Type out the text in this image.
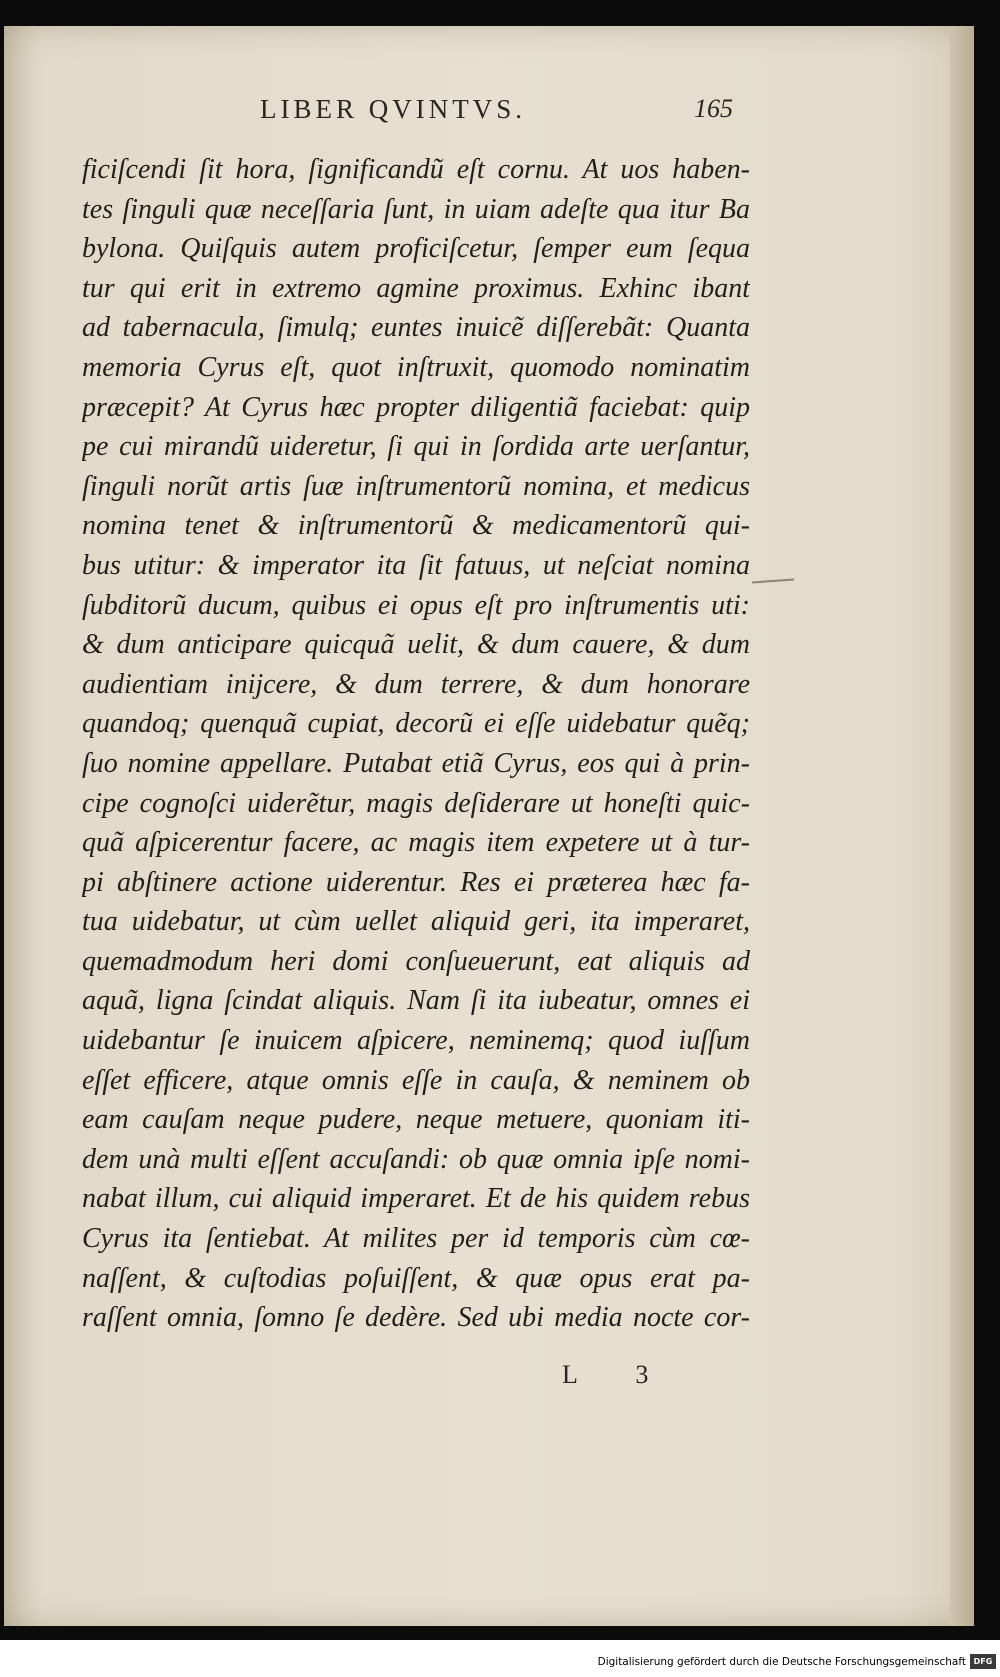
LIBER QVINTVS.	165
ficiſcendi ſit hora, ſignificandũ eſt cornu. At uos haben-
tes ſinguli quæ neceſſaria ſunt, in uiam adeſte qua itur Ba
bylona. Quiſquis autem proficiſcetur, ſemper eum ſequa
tur qui erit in extremo agmine proximus. Exhinc ibant
ad tabernacula, ſimulq; euntes inuicẽ diſſerebãt: Quanta
memoria Cyrus eſt, quot inſtruxit, quomodo nominatim
præcepit? At Cyrus hæc propter diligentiã faciebat: quip
pe cui mirandũ uideretur, ſi qui in ſordida arte uerſantur,
ſinguli norũt artis ſuæ inſtrumentorũ nomina, et medicus
nomina tenet & inſtrumentorũ & medicamentorũ qui-
bus utitur: & imperator ita ſit fatuus, ut neſciat nomina
ſubditorũ ducum, quibus ei opus eſt pro inſtrumentis uti:
& dum anticipare quicquã uelit, & dum cauere, & dum
audientiam inijcere, & dum terrere, & dum honorare
quandoq; quenquã cupiat, decorũ ei eſſe uidebatur quẽq;
ſuo nomine appellare. Putabat etiã Cyrus, eos qui à prin-
cipe cognoſci uiderẽtur, magis deſiderare ut honeſti quic-
quã aſpicerentur facere, ac magis item expetere ut à tur-
pi abſtinere actione uiderentur. Res ei præterea hæc fa-
tua uidebatur, ut cùm uellet aliquid geri, ita imperaret,
quemadmodum heri domi conſueuerunt, eat aliquis ad
aquã, ligna ſcindat aliquis. Nam ſi ita iubeatur, omnes ei
uidebantur ſe inuicem aſpicere, neminemq; quod iuſſum
eſſet efficere, atque omnis eſſe in cauſa, & neminem ob
eam cauſam neque pudere, neque metuere, quoniam iti-
dem unà multi eſſent accuſandi: ob quæ omnia ipſe nomi-
nabat illum, cui aliquid imperaret. Et de his quidem rebus
Cyrus ita ſentiebat. At milites per id temporis cùm cœ-
naſſent, & cuſtodias poſuiſſent, & quæ opus erat pa-
raſſent omnia, ſomno ſe dedère. Sed ubi media nocte cor-
L 3
Digitalisierung gefördert durch die Deutsche Forschungsgemeinschaft DFG
